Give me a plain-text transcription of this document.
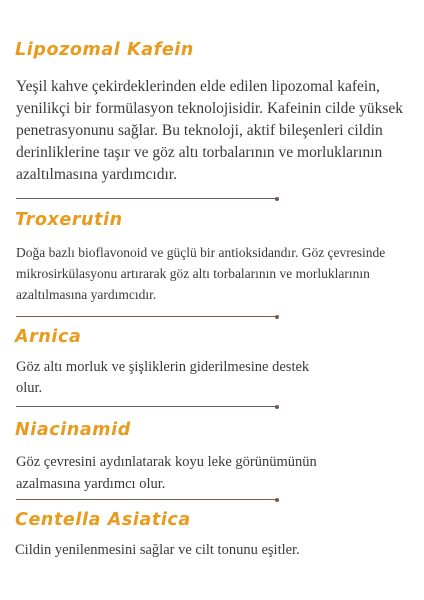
Lipozomal Kafein

Yeşil kahve çekirdeklerinden elde edilen lipozomal kafein, yenilikçi bir formülasyon teknolojisidir. Kafeinin cilde yüksek penetrasyonunu sağlar. Bu teknoloji, aktif bileşenleri cildin derinliklerine taşır ve göz altı torbalarının ve morluklarının azaltılmasına yardımcıdır.

Troxerutin

Doğa bazlı bioflavonoid ve güçlü bir antioksidandır. Göz çevresinde mikrosirkülasyonu artırarak göz altı torbalarının ve morluklarının azaltılmasına yardımcıdır.

Arnica

Göz altı morluk ve şişliklerin giderilmesine destek olur.

Niacinamid

Göz çevresini aydınlatarak koyu leke görünümünün azalmasına yardımcı olur.

Centella Asiatica

Cildin yenilenmesini sağlar ve cilt tonunu eşitler.
